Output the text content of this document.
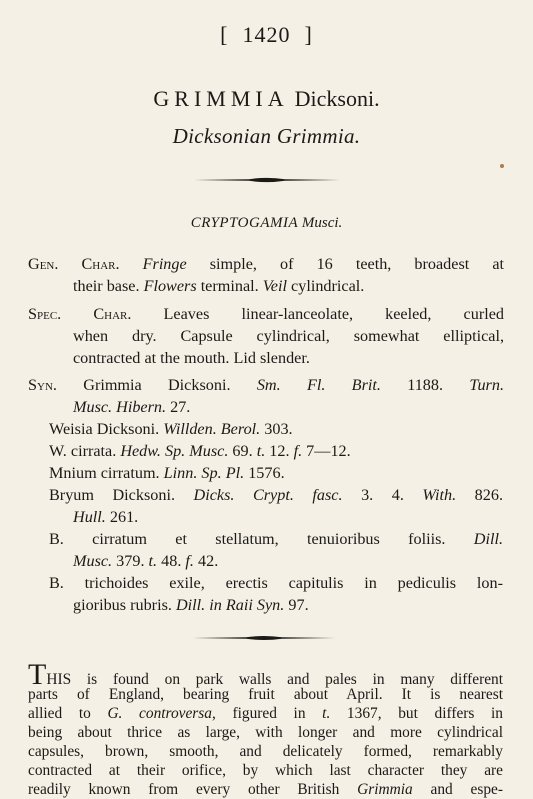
[ 1420 ]
GRIMMIA Dicksoni.
Dicksonian Grimmia.
CRYPTOGAMIA Musci.
Gen. Char. Fringe simple, of 16 teeth, broadest at
their base. Flowers terminal. Veil cylindrical.
Spec. Char. Leaves linear-lanceolate, keeled, curled
when dry. Capsule cylindrical, somewhat elliptical,
contracted at the mouth. Lid slender.
Syn. Grimmia Dicksoni. Sm. Fl. Brit. 1188. Turn.
Musc. Hibern. 27.
Weisia Dicksoni. Willden. Berol. 303.
W. cirrata. Hedw. Sp. Musc. 69. t. 12. f. 7—12.
Mnium cirratum. Linn. Sp. Pl. 1576.
Bryum Dicksoni. Dicks. Crypt. fasc. 3. 4. With. 826.
Hull. 261.
B. cirratum et stellatum, tenuioribus foliis. Dill.
Musc. 379. t. 48. f. 42.
B. trichoides exile, erectis capitulis in pediculis lon-
gioribus rubris. Dill. in Raii Syn. 97.
THIS is found on park walls and pales in many different
parts of England, bearing fruit about April. It is nearest
allied to G. controversa, figured in t. 1367, but differs in
being about thrice as large, with longer and more cylindrical
capsules, brown, smooth, and delicately formed, remarkably
contracted at their orifice, by which last character they are
readily known from every other British Grimmia and espe-
